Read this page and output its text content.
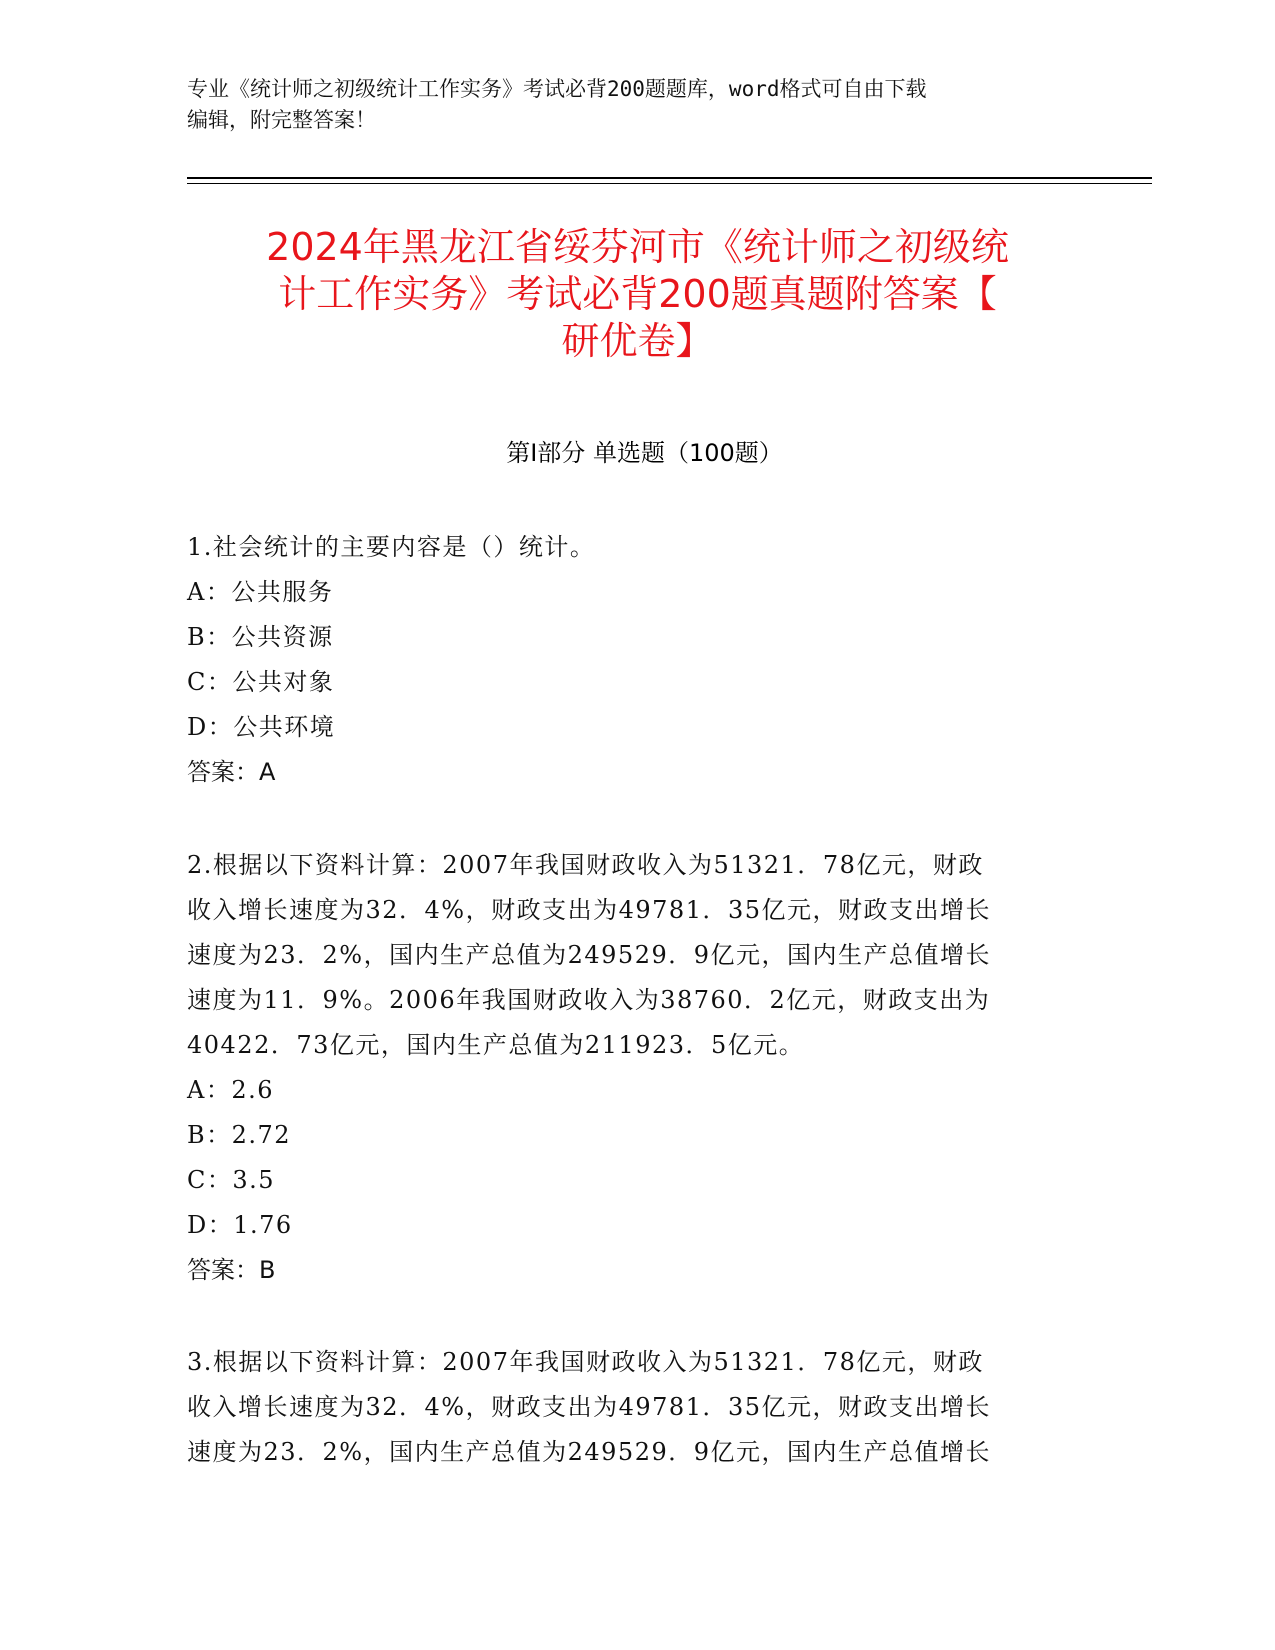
专业《统计师之初级统计工作实务》考试必背200题题库，word格式可自由下载
编辑，附完整答案！
2024年黑龙江省绥芬河市《统计师之初级统
计工作实务》考试必背200题真题附答案【
研优卷】
第I部分 单选题（100题）
1.社会统计的主要内容是（）统计。
A：公共服务
B：公共资源
C：公共对象
D：公共环境
答案：A
2.根据以下资料计算：2007年我国财政收入为51321．78亿元，财政
收入增长速度为32．4%，财政支出为49781．35亿元，财政支出增长
速度为23．2%，国内生产总值为249529．9亿元，国内生产总值增长
速度为11．9%。2006年我国财政收入为38760．2亿元，财政支出为
40422．73亿元，国内生产总值为211923．5亿元。
A：2.6
B：2.72
C：3.5
D：1.76
答案：B
3.根据以下资料计算：2007年我国财政收入为51321．78亿元，财政
收入增长速度为32．4%，财政支出为49781．35亿元，财政支出增长
速度为23．2%，国内生产总值为249529．9亿元，国内生产总值增长
